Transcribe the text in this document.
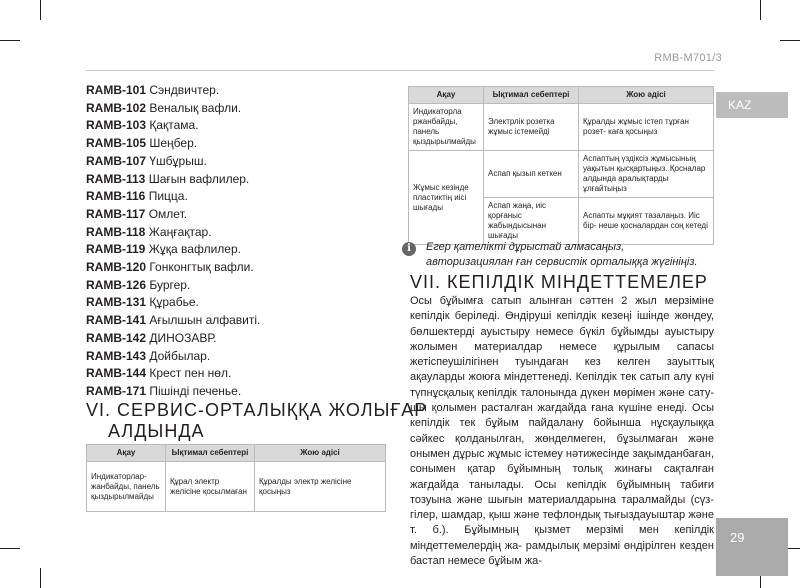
RMB-M701/3
KAZ
RAMB-101 Сэндвичтер.
RAMB-102 Веналық вафли.
RAMB-103 Қақтама.
RAMB-105 Шеңбер.
RAMB-107 Үшбұрыш.
RAMB-113 Шағын вафлилер.
RAMB-116 Пицца.
RAMB-117 Омлет.
RAMB-118 Жаңғақтар.
RAMB-119 Жұқа вафлилер.
RAMB-120 Гонконгтық вафли.
RAMB-126 Бургер.
RAMB-131 Құрабье.
RAMB-141 Ағылшын алфавиті.
RAMB-142 ДИНОЗАВР.
RAMB-143 Дойбылар.
RAMB-144 Крест пен нөл.
RAMB-171 Пішінді печенье.
VI. СЕРВИС-ОРТАЛЫҚҚА ЖОЛЫҒАР
АЛДЫНДА
Ақау	Ықтимал себептері	Жою әдісі
Индикаторлар- жанбайды, панель қыздырылмайды	Құрал электр желісіне қосылмаған	Құралды электр желісіне қосыңыз
Ақау	Ықтимал себептері	Жою әдісі
Индикаторла ржанбайды, панель қыздырылмайды	Электрлік розетка жұмыс істемейді	Құралды жұмыс істеп тұрған розет- каға қосыңыз
Жұмыс кезінде пластиктің иісі шығады	Аспап қызып кеткен	Аспаптың үздіксіз жұмысының уақытын қысқартыңыз. Қосналар алдында аралықтарды ұлғайтыңыз
	Аспап жаңа, иіс қорғаныс жабындысынан шығады	Аспапты мұқият тазалаңыз. Иіс бір- неше қосналардан соң кетеді
i	Егер қателікті дұрыстай алмасаңыз, авторизациялан ған сервистік орталыққа жүгініңіз.
VII. КЕПІЛДІК МІНДЕТТЕМЕЛЕР
Осы бұйымға сатып алынған сәттен 2 жыл мерзіміне кепілдік беріледі. Өндіруші кепілдік кезеңі ішінде жөндеу, бөлшектерді ауыстыру немесе бүкіл бұйымды ауыстыру жолымен материалдар немесе құрылым сапасы жетіспеушілігінен туындаған кез келген зауыттық ақауларды жоюға міндеттенеді. Кепілдік тек сатып алу күні түпнұсқалық кепілдік талонында дүкен мөрімен және сату- шы қолымен расталған жағдайда ғана күшіне енеді. Осы кепілдік тек бұйым пайдалану бойынша нұсқаулыққа сәйкес қолданылған, жөнделмеген, бұзылмаған және онымен дұрыс жұмыс істемеу нәтижесінде зақымданбаған, сонымен қатар бұйымның толық жинағы сақталған жағдайда танылады. Осы кепілдік бұйымның табиғи тозуына және шығын материалдарына таралмайды (сүз- гілер, шамдар, қыш және тефлондық тығыздауыштар және т. б.). Бұйымның қызмет мерзімі мен кепілдік міндеттемелердің жа- рамдылық мерзімі өндірілген кезден бастап немесе бұйым жа-
29
